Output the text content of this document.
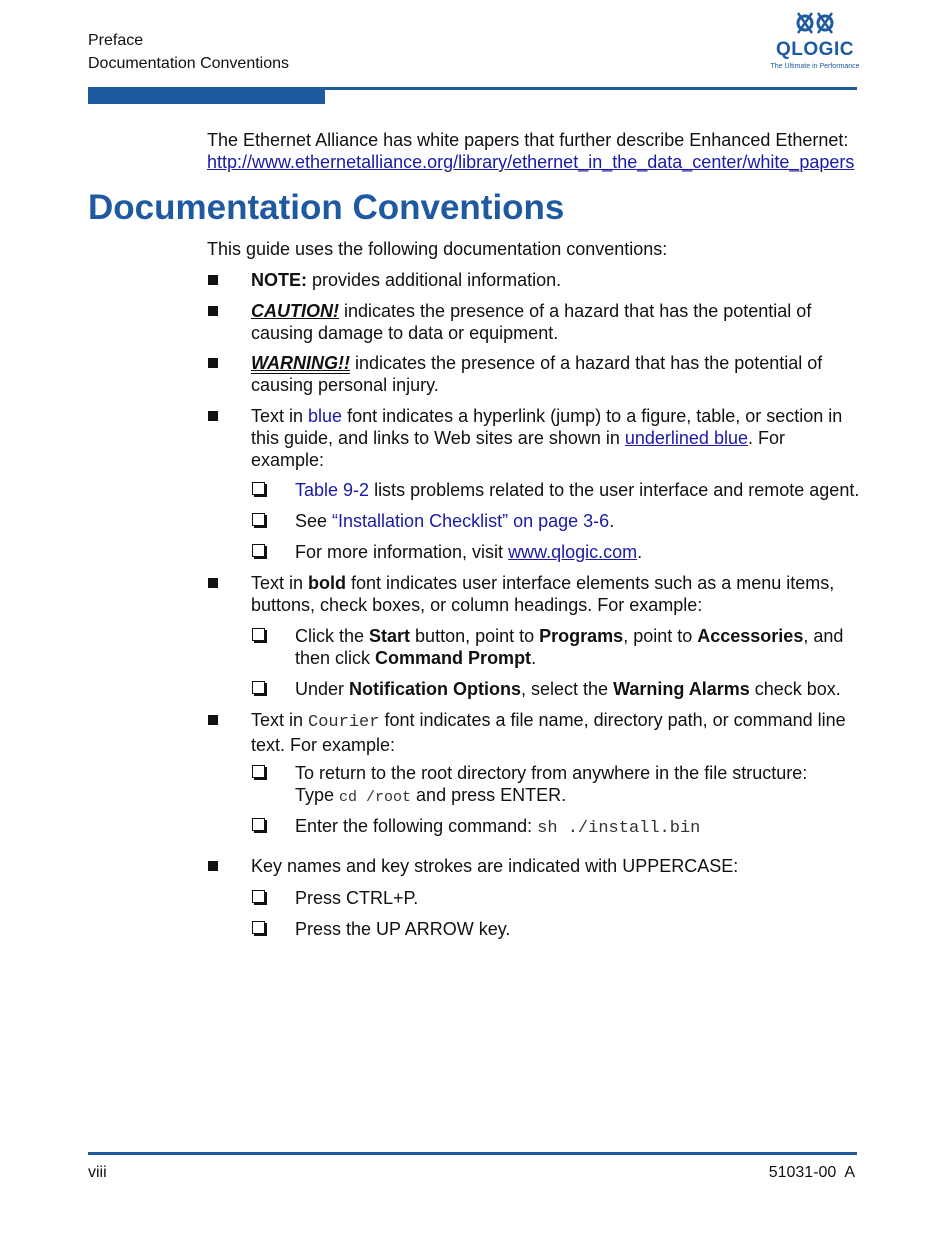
Preface
Documentation Conventions
QLOGIC
The Ultimate in Performance
The Ethernet Alliance has white papers that further describe Enhanced Ethernet:
http://www.ethernetalliance.org/library/ethernet_in_the_data_center/white_papers
Documentation Conventions
This guide uses the following documentation conventions:
NOTE: provides additional information.
CAUTION! indicates the presence of a hazard that has the potential of
causing damage to data or equipment.
WARNING!! indicates the presence of a hazard that has the potential of
causing personal injury.
Text in blue font indicates a hyperlink (jump) to a figure, table, or section in
this guide, and links to Web sites are shown in underlined blue. For
example:
Table 9-2 lists problems related to the user interface and remote agent.
See “Installation Checklist” on page 3-6.
For more information, visit www.qlogic.com.
Text in bold font indicates user interface elements such as a menu items,
buttons, check boxes, or column headings. For example:
Click the Start button, point to Programs, point to Accessories, and
then click Command Prompt.
Under Notification Options, select the Warning Alarms check box.
Text in Courier font indicates a file name, directory path, or command line
text. For example:
To return to the root directory from anywhere in the file structure:
Type cd /root and press ENTER.
Enter the following command: sh ./install.bin
Key names and key strokes are indicated with UPPERCASE:
Press CTRL+P.
Press the UP ARROW key.
viii	51031-00  A
